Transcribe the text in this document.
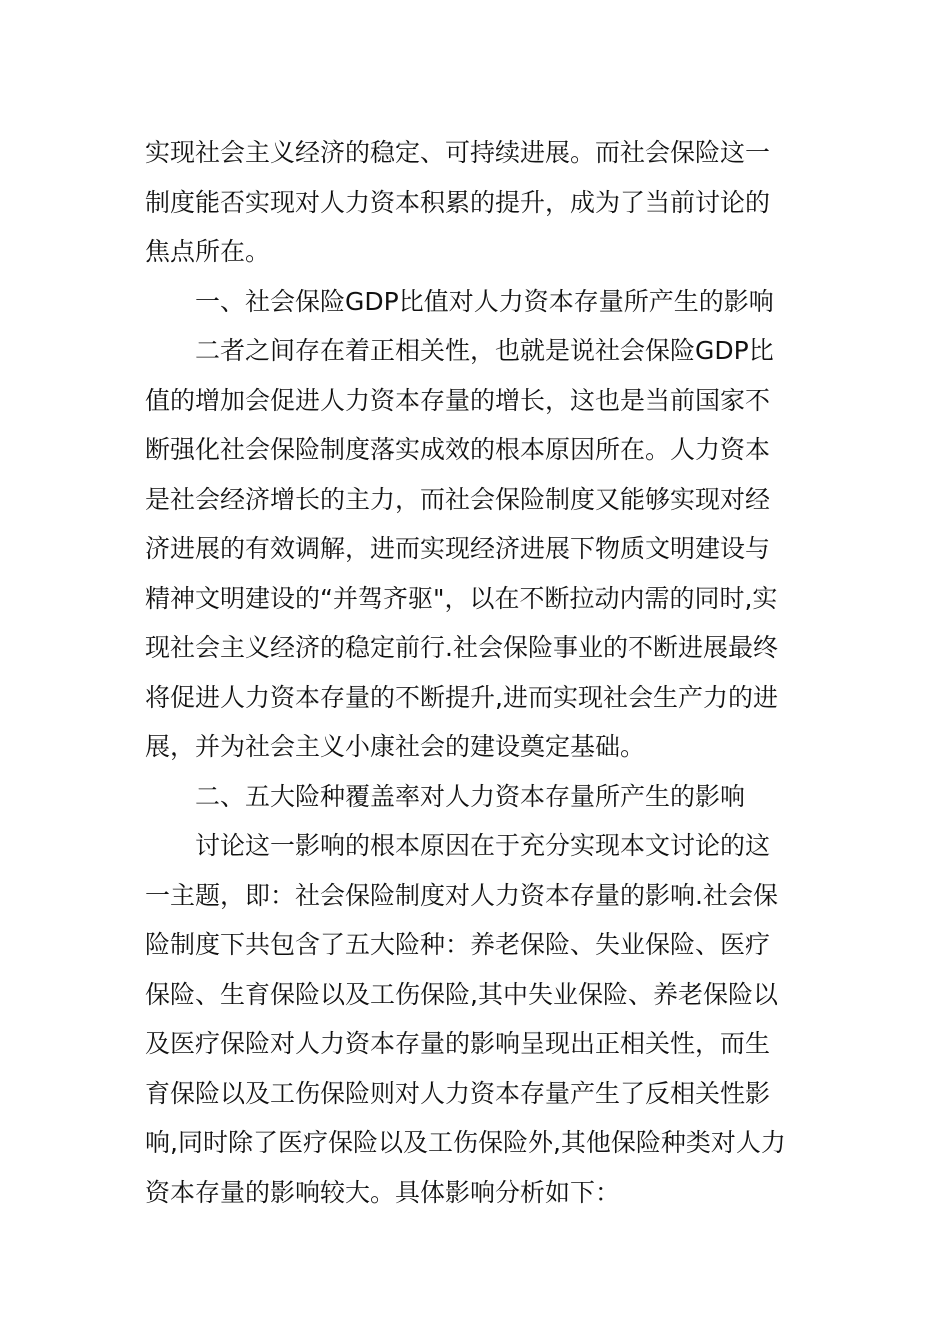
实现社会主义经济的稳定、可持续进展。而社会保险这一
制度能否实现对人力资本积累的提升，成为了当前讨论的
焦点所在。

一、社会保险GDP比值对人力资本存量所产生的影响

二者之间存在着正相关性，也就是说社会保险GDP比
值的增加会促进人力资本存量的增长，这也是当前国家不
断强化社会保险制度落实成效的根本原因所在。人力资本
是社会经济增长的主力，而社会保险制度又能够实现对经
济进展的有效调解，进而实现经济进展下物质文明建设与
精神文明建设的“并驾齐驱"，以在不断拉动内需的同时,实
现社会主义经济的稳定前行.社会保险事业的不断进展最终
将促进人力资本存量的不断提升,进而实现社会生产力的进
展，并为社会主义小康社会的建设奠定基础。

二、五大险种覆盖率对人力资本存量所产生的影响

讨论这一影响的根本原因在于充分实现本文讨论的这
一主题，即：社会保险制度对人力资本存量的影响.社会保
险制度下共包含了五大险种：养老保险、失业保险、医疗
保险、生育保险以及工伤保险,其中失业保险、养老保险以
及医疗保险对人力资本存量的影响呈现出正相关性，而生
育保险以及工伤保险则对人力资本存量产生了反相关性影
响,同时除了医疗保险以及工伤保险外,其他保险种类对人力
资本存量的影响较大。具体影响分析如下：
